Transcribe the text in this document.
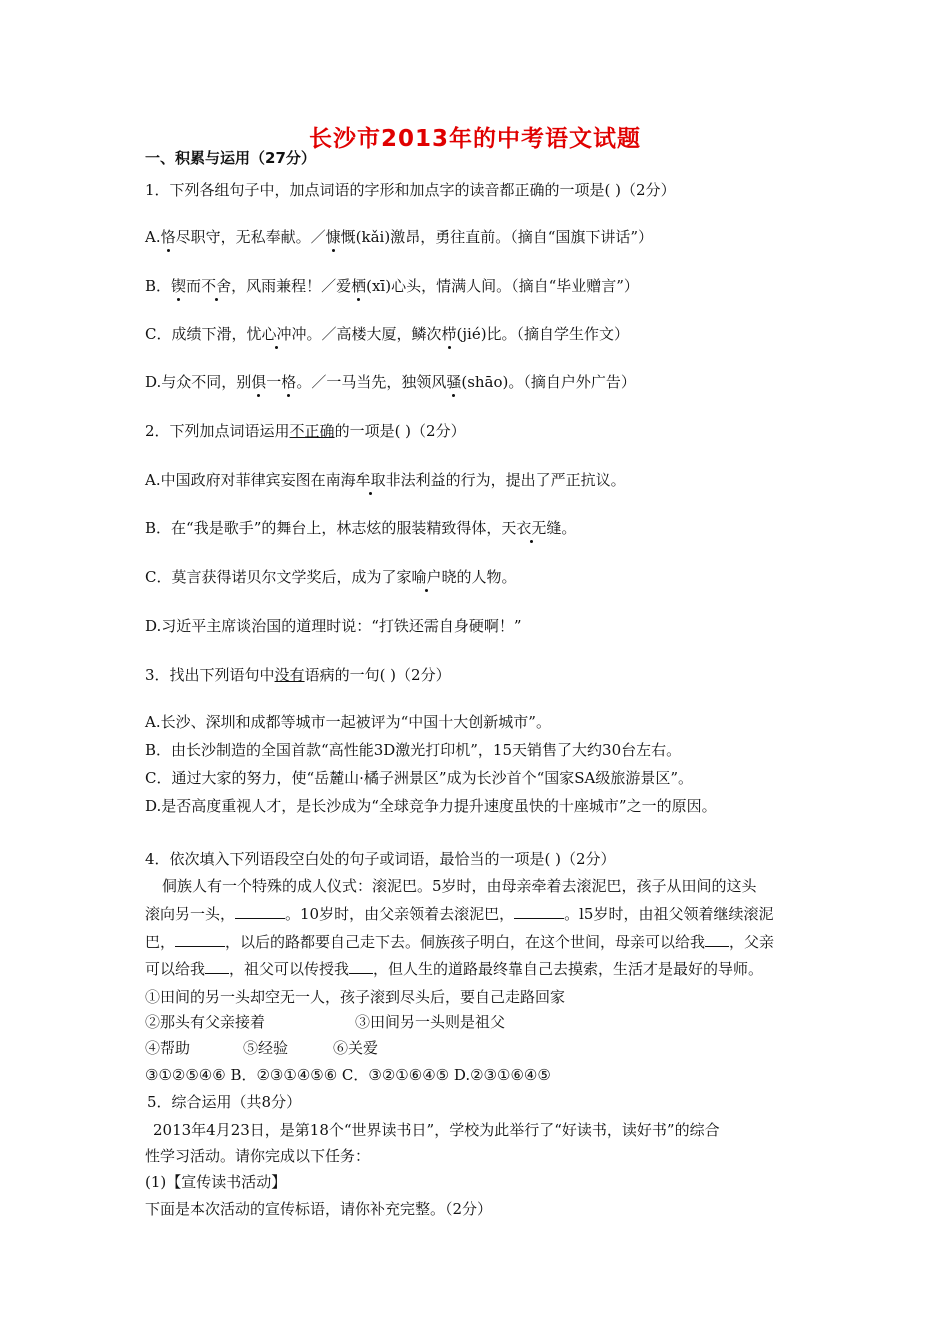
长沙市2013年的中考语文试题
一、积累与运用（27分）
1．下列各组句子中，加点词语的字形和加点字的读音都正确的一项是( )（2分）
A.恪尽职守，无私奉献。／慷慨(kǎi)激昂，勇往直前。（摘自“国旗下讲话”）
B．锲而不舍，风雨兼程！／爱栖(xī)心头，情满人间。（摘自“毕业赠言”）
C．成绩下滑，忧心冲冲。／高楼大厦，鳞次栉(jié)比。（摘自学生作文）
D.与众不同，别俱一格。／一马当先，独领风骚(shāo)。（摘自户外广告）
2．下列加点词语运用不正确的一项是( )（2分）
A.中国政府对菲律宾妄图在南海牟取非法利益的行为，提出了严正抗议。
B．在“我是歌手”的舞台上，林志炫的服装精致得体，天衣无缝。
C．莫言获得诺贝尔文学奖后，成为了家喻户晓的人物。
D.习近平主席谈治国的道理时说：“打铁还需自身硬啊！”
3．找出下列语句中没有语病的一句( )（2分）
A.长沙、深圳和成都等城市一起被评为“中国十大创新城市”。
B．由长沙制造的全国首款“高性能3D激光打印机”，15天销售了大约30台左右。
C．通过大家的努力，使“岳麓山·橘子洲景区”成为长沙首个“国家SA级旅游景区”。
D.是否高度重视人才，是长沙成为“全球竞争力提升速度虽快的十座城市”之一的原因。
4．依次填入下列语段空白处的句子或词语，最恰当的一项是( )（2分）
侗族人有一个特殊的成人仪式：滚泥巴。5岁时，由母亲牵着去滚泥巴，孩子从田间的这头
滚向另一头，	。10岁时，由父亲领着去滚泥巴，	。l5岁时，由祖父领着继续滚泥
巴，	，以后的路都要自己走下去。侗族孩子明白，在这个世间，母亲可以给我 ，父亲
可以给我 ，祖父可以传授我 ，但人生的道路最终靠自己去摸索，生活才是最好的导师。
①田间的另一头却空无一人，孩子滚到尽头后，要自己走路回家
②那头有父亲接着	③田间另一头则是祖父
④帮助	⑤经验	⑥关爱
③①②⑤④⑥ B．②③①④⑤⑥ C．③②①⑥④⑤ D.②③①⑥④⑤
5．综合运用（共8分）
2013年4月23日，是第18个“世界读书日”，学校为此举行了“好读书，读好书”的综合
性学习活动。请你完成以下任务：
(1)【宣传读书活动】
下面是本次活动的宣传标语，请你补充完整。（2分）
